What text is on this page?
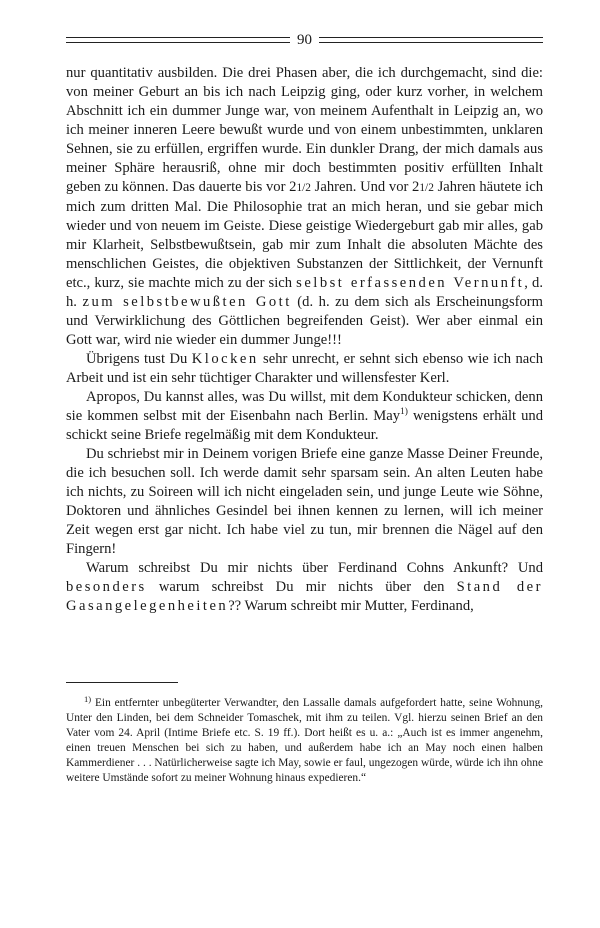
90

nur quantitativ ausbilden. Die drei Phasen aber, die ich durchgemacht, sind die: von meiner Geburt an bis ich nach Leipzig ging, oder kurz vorher, in welchem Abschnitt ich ein dummer Junge war, von meinem Aufenthalt in Leipzig an, wo ich meiner inneren Leere bewußt wurde und von einem unbestimmten, unklaren Sehnen, sie zu erfüllen, ergriffen wurde. Ein dunkler Drang, der mich damals aus meiner Sphäre herausriß, ohne mir doch bestimmten positiv erfüllten Inhalt geben zu können. Das dauerte bis vor 21/2 Jahren. Und vor 21/2 Jahren häutete ich mich zum dritten Mal. Die Philosophie trat an mich heran, und sie gebar mich wieder und von neuem im Geiste. Diese geistige Wiedergeburt gab mir alles, gab mir Klarheit, Selbstbewußtsein, gab mir zum Inhalt die absoluten Mächte des menschlichen Geistes, die objektiven Substanzen der Sittlichkeit, der Vernunft etc., kurz, sie machte mich zu der sich selbst erfassenden Vernunft, d. h. zum selbstbewußten Gott (d. h. zu dem sich als Erscheinungsform und Verwirklichung des Göttlichen begreifenden Geist). Wer aber einmal ein Gott war, wird nie wieder ein dummer Junge!!!

Übrigens tust Du Klocken sehr unrecht, er sehnt sich ebenso wie ich nach Arbeit und ist ein sehr tüchtiger Charakter und willensfester Kerl.

Apropos, Du kannst alles, was Du willst, mit dem Kondukteur schicken, denn sie kommen selbst mit der Eisenbahn nach Berlin. May$^{1)}$ wenigstens erhält und schickt seine Briefe regelmäßig mit dem Kondukteur.

Du schriebst mir in Deinem vorigen Briefe eine ganze Masse Deiner Freunde, die ich besuchen soll. Ich werde damit sehr sparsam sein. An alten Leuten habe ich nichts, zu Soireen will ich nicht eingeladen sein, und junge Leute wie Söhne, Doktoren und ähnliches Gesindel bei ihnen kennen zu lernen, will ich meiner Zeit wegen erst gar nicht. Ich habe viel zu tun, mir brennen die Nägel auf den Fingern!

Warum schreibst Du mir nichts über Ferdinand Cohns Ankunft? Und besonders warum schreibst Du mir nichts über den Stand der Gasangelegenheiten?? Warum schreibt mir Mutter, Ferdinand,

$^{1)}$ Ein entfernter unbegüterter Verwandter, den Lassalle damals aufgefordert hatte, seine Wohnung, Unter den Linden, bei dem Schneider Tomaschek, mit ihm zu teilen. Vgl. hierzu seinen Brief an den Vater vom 24. April (Intime Briefe etc. S. 19 ff.). Dort heißt es u. a.: „Auch ist es immer angenehm, einen treuen Menschen bei sich zu haben, und außerdem habe ich an May noch einen halben Kammerdiener . . . Natürlicherweise sagte ich May, sowie er faul, ungezogen würde, würde ich ihn ohne weitere Umstände sofort zu meiner Wohnung hinaus expedieren.“
